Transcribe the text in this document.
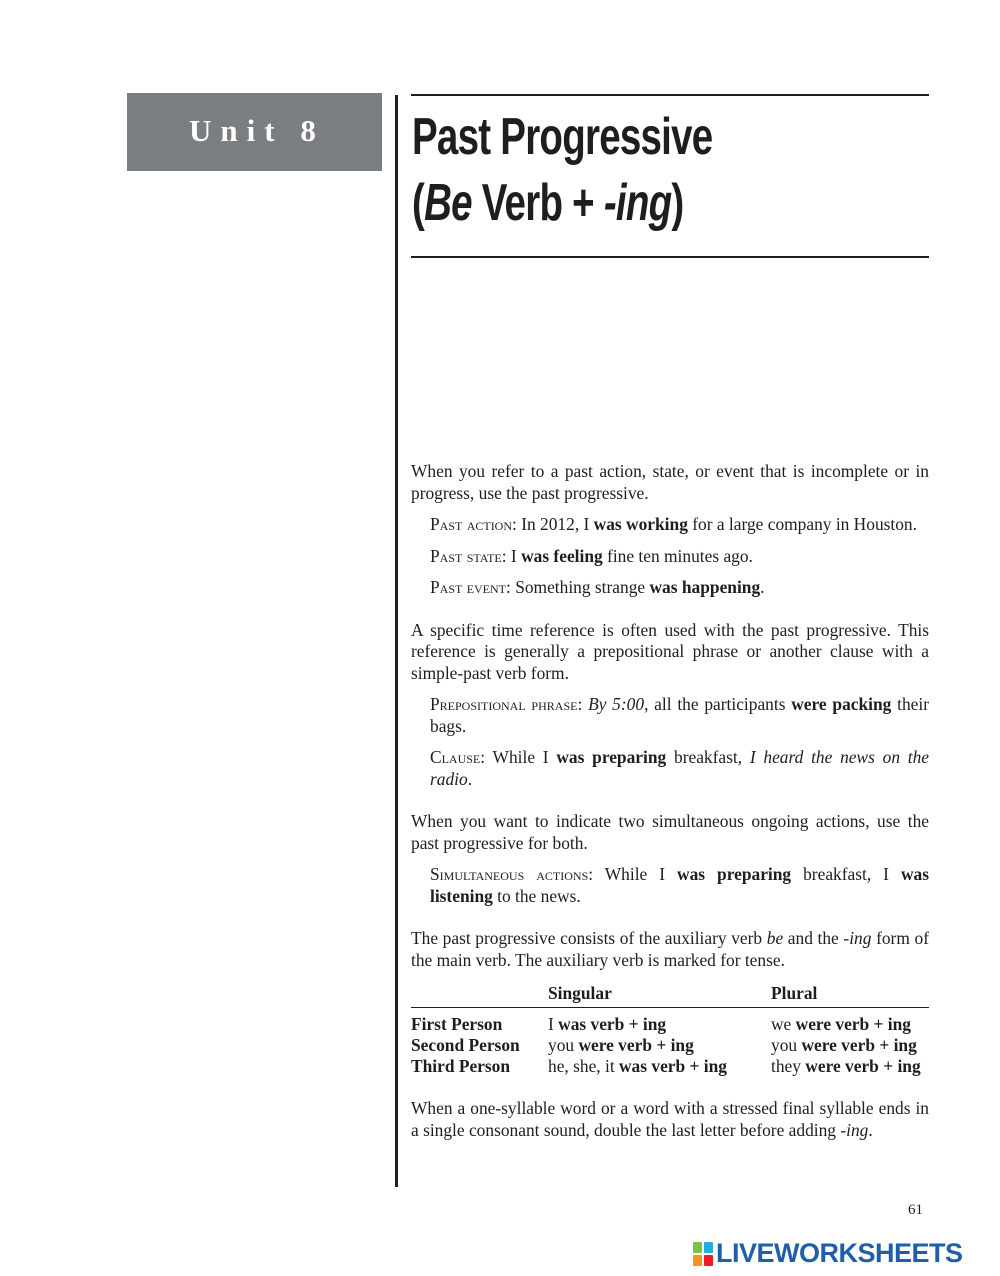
Unit 8 Past Progressive
(Be Verb + -ing)

When you refer to a past action, state, or event that is incomplete or in progress, use the past progressive.

Past action: In 2012, I was working for a large company in Houston.

Past state: I was feeling fine ten minutes ago.

Past event: Something strange was happening.

A specific time reference is often used with the past progressive. This reference is generally a prepositional phrase or another clause with a simple-past verb form.

Prepositional phrase: By 5:00, all the participants were packing their bags.

Clause: While I was preparing breakfast, I heard the news on the radio.

When you want to indicate two simultaneous ongoing actions, use the past progressive for both.

Simultaneous actions: While I was preparing breakfast, I was listening to the news.

The past progressive consists of the auxiliary verb be and the -ing form of the main verb. The auxiliary verb is marked for tense.

	Singular	Plural
First Person	I was verb + ing	we were verb + ing
Second Person	you were verb + ing	you were verb + ing
Third Person	he, she, it was verb + ing	they were verb + ing

When a one-syllable word or a word with a stressed final syllable ends in a single consonant sound, double the last letter before adding -ing.

61
LIVEWORKSHEETS
